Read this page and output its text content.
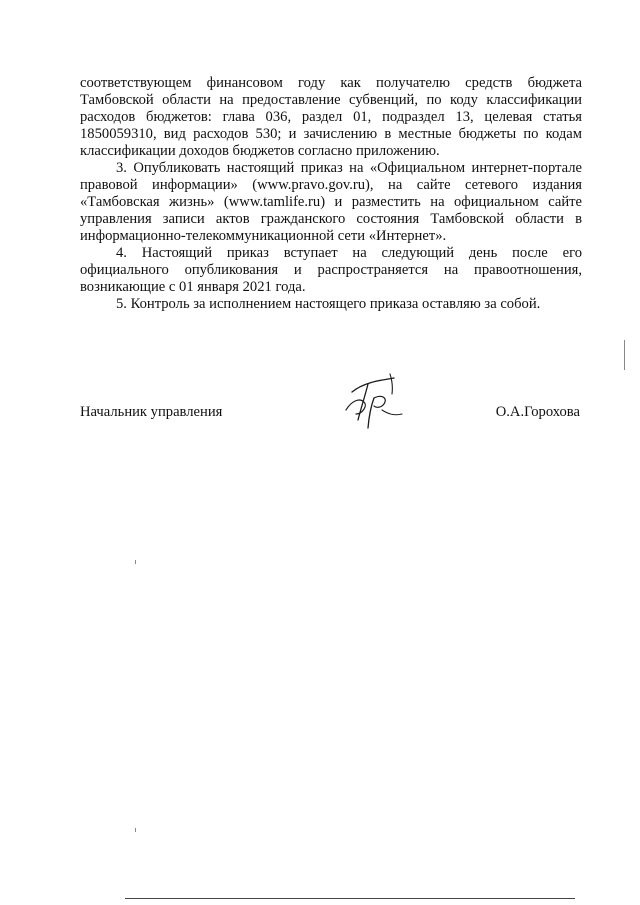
соответствующем финансовом году как получателю средств бюджета Тамбовской области на предоставление субвенций, по коду классификации расходов бюджетов: глава 036, раздел 01, подраздел 13, целевая статья 1850059310, вид расходов 530; и зачислению в местные бюджеты по кодам классификации доходов бюджетов согласно приложению.

3. Опубликовать настоящий приказ на «Официальном интернет-портале правовой информации» (www.pravo.gov.ru), на сайте сетевого издания «Тамбовская жизнь» (www.tamlife.ru) и разместить на официальном сайте управления записи актов гражданского состояния Тамбовской области в информационно-телекоммуникационной сети «Интернет».

4. Настоящий приказ вступает на следующий день после его официального опубликования и распространяется на правоотношения, возникающие с 01 января 2021 года.

5. Контроль за исполнением настоящего приказа оставляю за собой.

Начальник управления	О.А.Горохова
